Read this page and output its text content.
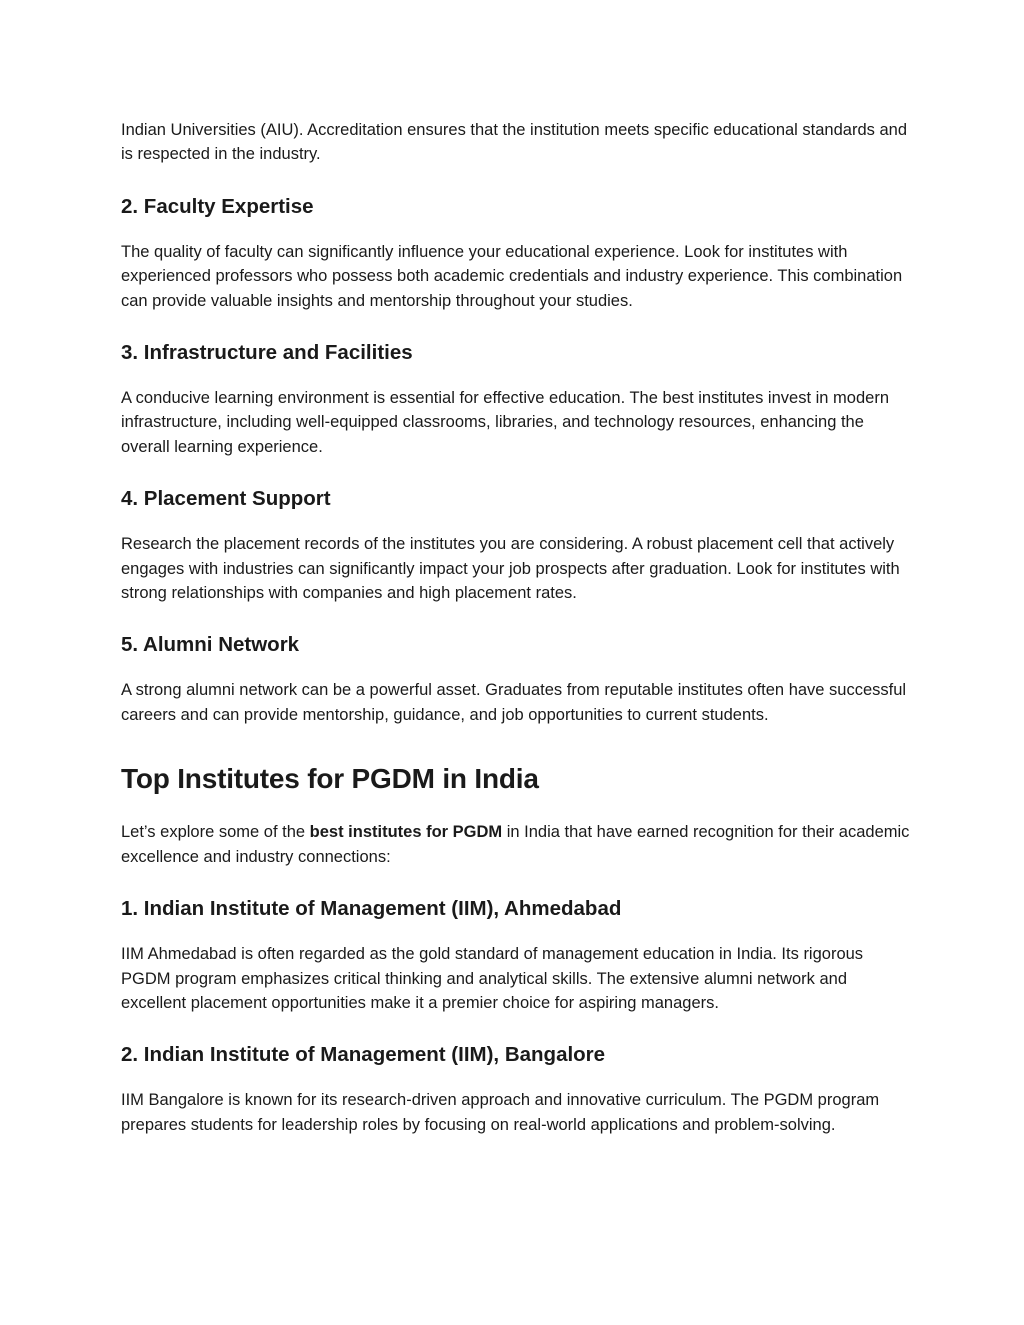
Indian Universities (AIU). Accreditation ensures that the institution meets specific educational standards and is respected in the industry.

2. Faculty Expertise

The quality of faculty can significantly influence your educational experience. Look for institutes with experienced professors who possess both academic credentials and industry experience. This combination can provide valuable insights and mentorship throughout your studies.

3. Infrastructure and Facilities

A conducive learning environment is essential for effective education. The best institutes invest in modern infrastructure, including well-equipped classrooms, libraries, and technology resources, enhancing the overall learning experience.

4. Placement Support

Research the placement records of the institutes you are considering. A robust placement cell that actively engages with industries can significantly impact your job prospects after graduation. Look for institutes with strong relationships with companies and high placement rates.

5. Alumni Network

A strong alumni network can be a powerful asset. Graduates from reputable institutes often have successful careers and can provide mentorship, guidance, and job opportunities to current students.

Top Institutes for PGDM in India

Let’s explore some of the best institutes for PGDM in India that have earned recognition for their academic excellence and industry connections:

1. Indian Institute of Management (IIM), Ahmedabad

IIM Ahmedabad is often regarded as the gold standard of management education in India. Its rigorous PGDM program emphasizes critical thinking and analytical skills. The extensive alumni network and excellent placement opportunities make it a premier choice for aspiring managers.

2. Indian Institute of Management (IIM), Bangalore

IIM Bangalore is known for its research-driven approach and innovative curriculum. The PGDM program prepares students for leadership roles by focusing on real-world applications and problem-solving.
